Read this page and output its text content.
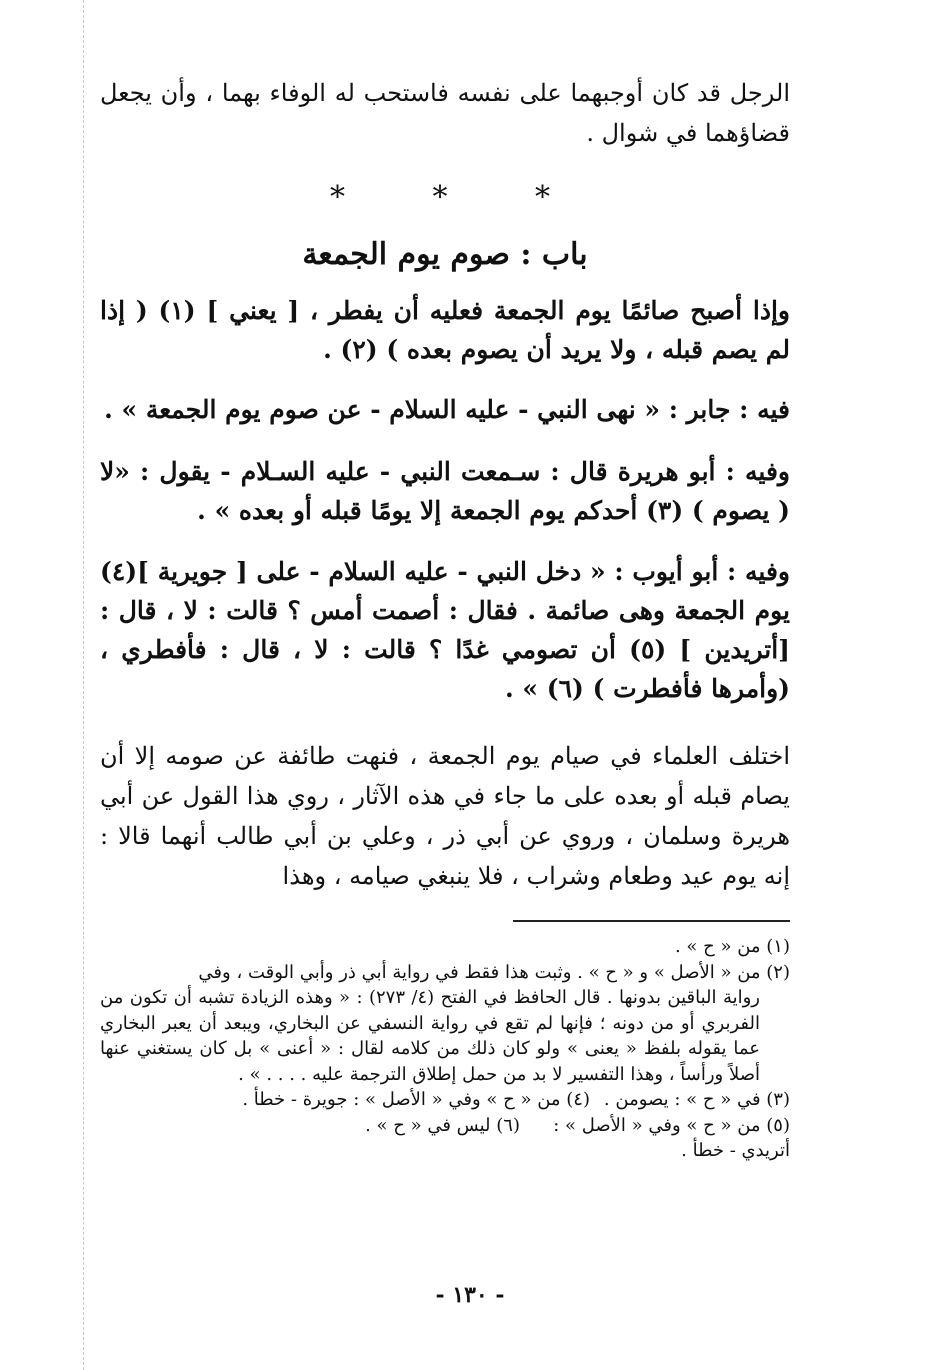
الرجل قد كان أوجبهما على نفسه فاستحب له الوفاء بهما ، وأن يجعل قضاؤهما في شوال .
*
*
*
باب : صوم يوم الجمعة
وإذا أصبح صائمًا يوم الجمعة فعليه أن يفطر ، [ يعني ] (١) ( إذا لم يصم قبله ، ولا يريد أن يصوم بعده ) (٢) .
فيه : جابر : « نهى النبي - عليه السلام - عن صوم يوم الجمعة » .
وفيه : أبو هريرة قال : سـمعت النبي - عليه السـلام - يقول : «لا ( يصوم ) (٣) أحدكم يوم الجمعة إلا يومًا قبله أو بعده » .
وفيه : أبو أيوب : « دخل النبي - عليه السلام - على [ جويرية ](٤) يوم الجمعة وهى صائمة . فقال : أصمت أمس ؟ قالت : لا ، قال : [أتريدين ] (٥) أن تصومي غدًا ؟ قالت : لا ، قال : فأفطري ، (وأمرها فأفطرت ) (٦) » .
اختلف العلماء في صيام يوم الجمعة ، فنهت طائفة عن صومه إلا أن يصام قبله أو بعده على ما جاء في هذه الآثار ، روي هذا القول عن أبي هريرة وسلمان ، وروي عن أبي ذر ، وعلي بن أبي طالب أنهما قالا : إنه يوم عيد وطعام وشراب ، فلا ينبغي صيامه ، وهذا

(١) من « ح » .

(٢) من « الأصل » و « ح » . وثبت هذا فقط في رواية أبي ذر وأبي الوقت ، وفي

رواية الباقين بدونها . قال الحافظ في الفتح (٤/ ٢٧٣) : « وهذه الزيادة تشبه أن تكون من الفربري أو من دونه ؛ فإنها لم تقع في رواية النسفي عن البخاري، ويبعد أن يعبر البخاري عما يقوله بلفظ « يعنى » ولو كان ذلك من كلامه لقال : « أعنى » بل كان يستغني عنها أصلاً ورأساً ، وهذا التفسير لا بد من حمل إطلاق الترجمة عليه . . . . » .

(٣) في « ح » : يصومن .
(٤) من « ح » وفي « الأصل » : جويرة - خطأ .
(٥) من « ح » وفي « الأصل » : أتريدي - خطأ .
(٦) ليس في « ح » .
- ١٣٠ -
